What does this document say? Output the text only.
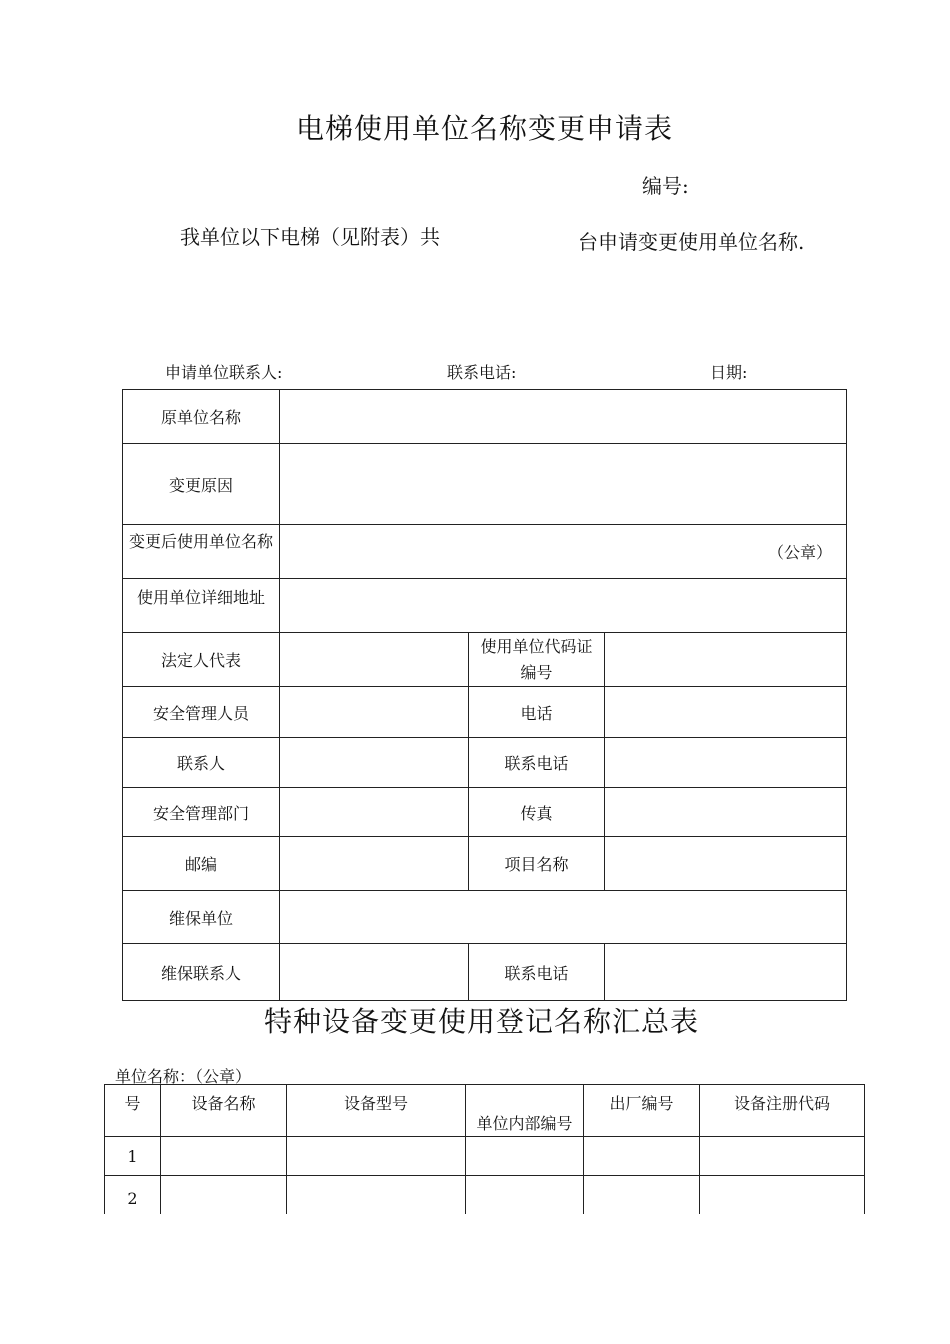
电梯使用单位名称变更申请表
编号:
我单位以下电梯（见附表）共	台申请变更使用单位名称.
申请单位联系人:	联系电话:	日期:
原单位名称			
变更原因			
变更后使用单位名称	（公章）		
使用单位详细地址			
法定人代表		使用单位代码证
编号	

安全管理人员		电话	
联系人		联系电话	
安全管理部门		传真	
邮编		项目名称	
维保单位			
维保联系人		联系电话	
特种设备变更使用登记名称汇总表
单位名称：（公章）
号	设备名称	设备型号	单位内部编号	出厂编号	设备注册代码
1					
2					
